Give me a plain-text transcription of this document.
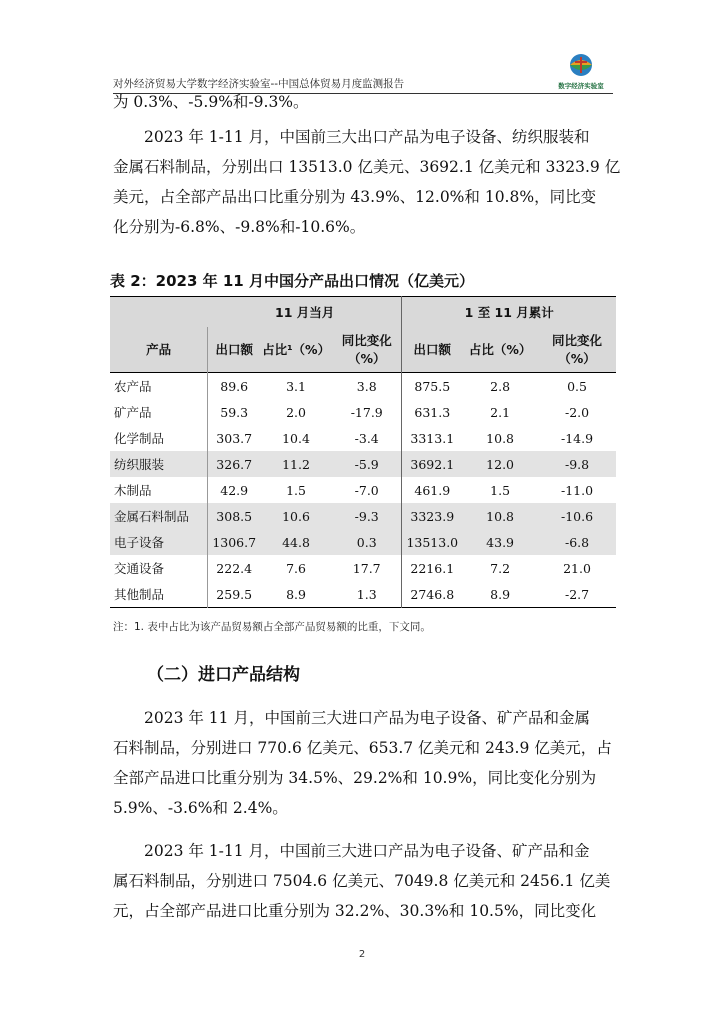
对外经济贸易大学数字经济实验室--中国总体贸易月度监测报告	数字经济实验室
为 0.3%、-5.9%和-9.3%。
2023 年 1-11 月，中国前三大出口产品为电子设备、纺织服装和
金属石料制品，分别出口 13513.0 亿美元、3692.1 亿美元和 3323.9 亿
美元，占全部产品出口比重分别为 43.9%、12.0%和 10.8%，同比变
化分别为-6.8%、-9.8%和-10.6%。
表 2：2023 年 11 月中国分产品出口情况（亿美元）
	11 月当月			1 至 11 月累计		
产品	出口额	占比¹（%）	同比变化（%）	出口额	占比（%）	同比变化（%）
农产品	89.6	3.1	3.8	875.5	2.8	0.5
矿产品	59.3	2.0	-17.9	631.3	2.1	-2.0
化学制品	303.7	10.4	-3.4	3313.1	10.8	-14.9
纺织服装	326.7	11.2	-5.9	3692.1	12.0	-9.8
木制品	42.9	1.5	-7.0	461.9	1.5	-11.0
金属石料制品	308.5	10.6	-9.3	3323.9	10.8	-10.6
电子设备	1306.7	44.8	0.3	13513.0	43.9	-6.8
交通设备	222.4	7.6	17.7	2216.1	7.2	21.0
其他制品	259.5	8.9	1.3	2746.8	8.9	-2.7
注：1. 表中占比为该产品贸易额占全部产品贸易额的比重，下文同。
（二）进口产品结构
2023 年 11 月，中国前三大进口产品为电子设备、矿产品和金属
石料制品，分别进口 770.6 亿美元、653.7 亿美元和 243.9 亿美元，占
全部产品进口比重分别为 34.5%、29.2%和 10.9%，同比变化分别为
5.9%、-3.6%和 2.4%。
2023 年 1-11 月，中国前三大进口产品为电子设备、矿产品和金
属石料制品，分别进口 7504.6 亿美元、7049.8 亿美元和 2456.1 亿美
元，占全部产品进口比重分别为 32.2%、30.3%和 10.5%，同比变化
2
